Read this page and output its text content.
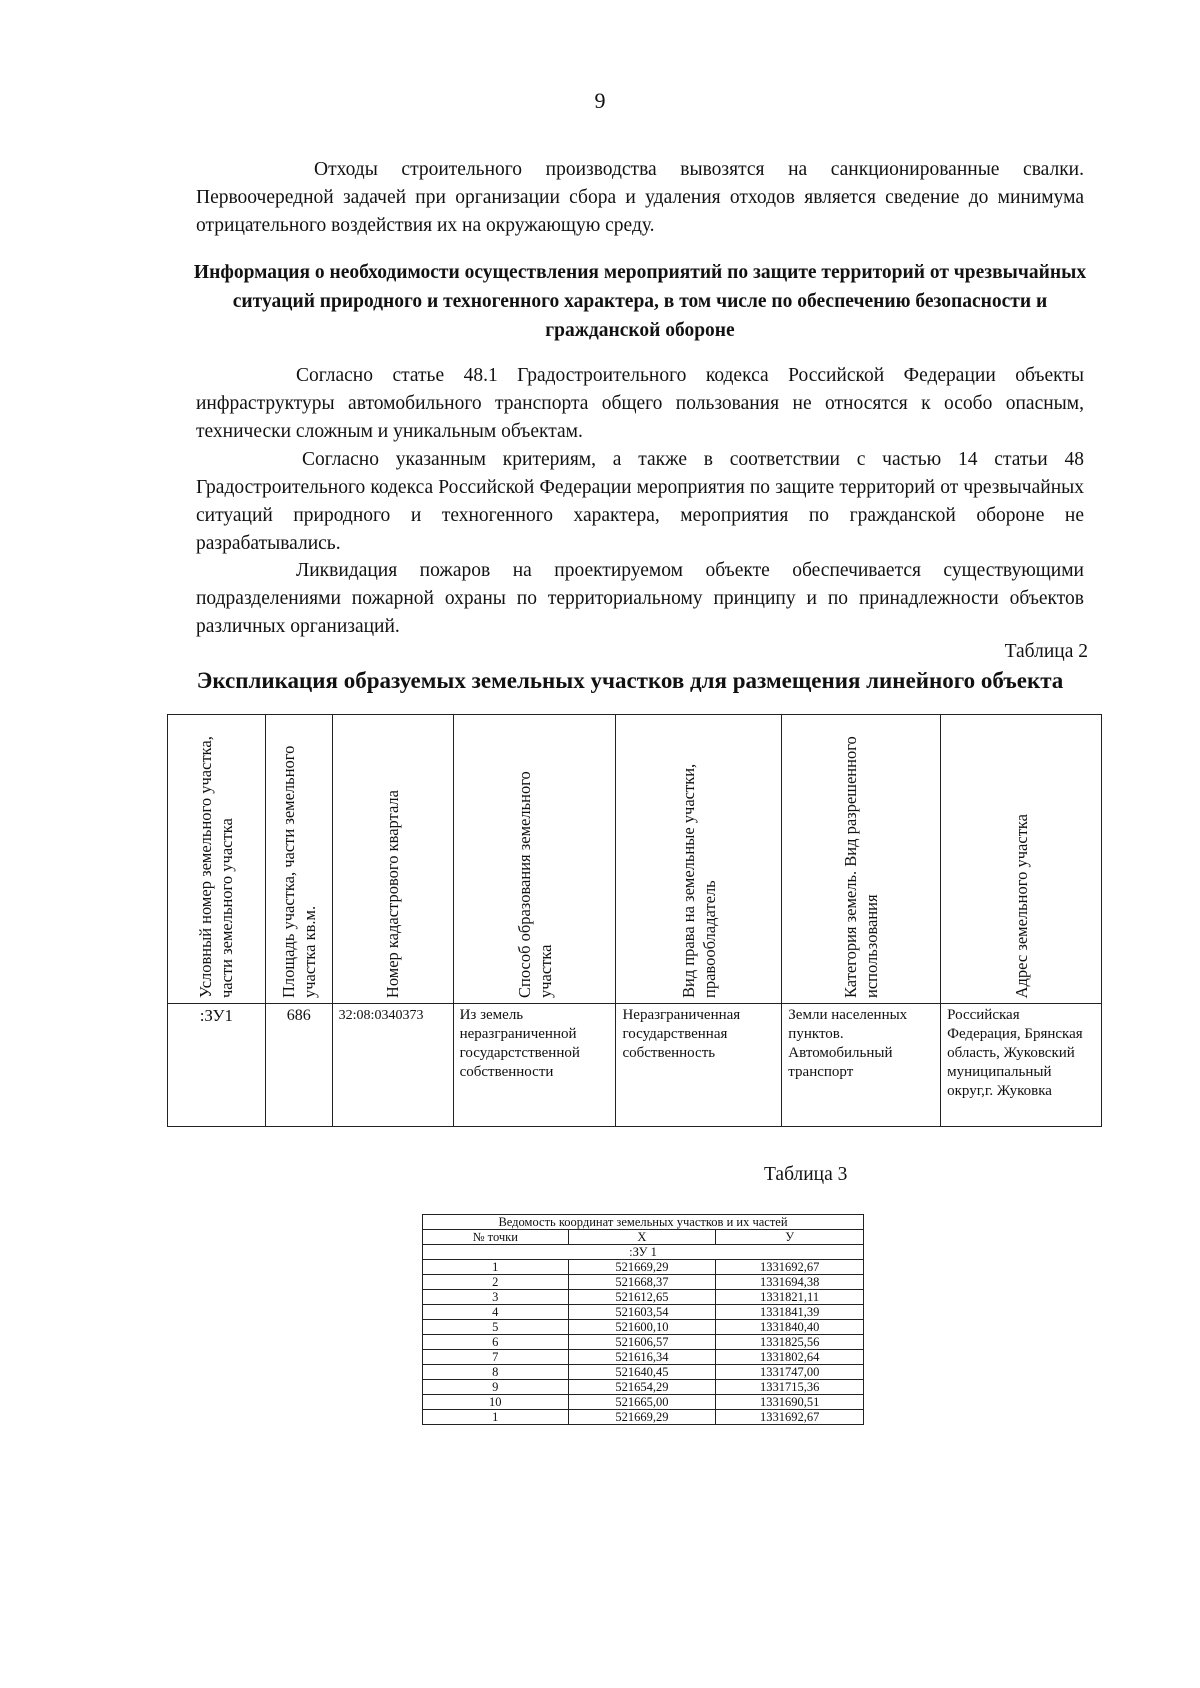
9

Отходы строительного производства вывозятся на санкционированные свалки. Первоочередной задачей при организации сбора и удаления отходов является сведение до минимума отрицательного воздействия их на окружающую среду.

Информация о необходимости осуществления мероприятий по защите территорий от чрезвычайных ситуаций природного и техногенного характера, в том числе по обеспечению безопасности и гражданской обороне

Согласно статье 48.1 Градостроительного кодекса Российской Федерации объекты инфраструктуры автомобильного транспорта общего пользования не относятся к особо опасным, технически сложным и уникальным объектам.

Согласно указанным критериям, а также в соответствии с частью 14 статьи 48 Градостроительного кодекса Российской Федерации мероприятия по защите территорий от чрезвычайных ситуаций природного и техногенного характера, мероприятия по гражданской обороне не разрабатывались.

Ликвидация пожаров на проектируемом объекте обеспечивается существующими подразделениями пожарной охраны по территориальному принципу и по принадлежности объектов различных организаций.

Таблица 2
Экспликация образуемых земельных участков для размещения линейного объекта
Условный номер земельного участка, части земельного участка	Площадь участка, части земельного участка кв.м.	Номер кадастрового квартала	Способ образования земельного участка	Вид права на земельные участки, правообладатель	Категория земель. Вид разрешенного использования	Адрес земельного участка
:ЗУ1	686	32:08:0340373	Из земель неразграниченной государстственной собственности	Неразграниченная государственная собственность	Земли населенных пунктов. Автомобильный транспорт	Российская Федерация, Брянская область, Жуковский муниципальный округ,г. Жуковка
Таблица 3
Ведомость координат земельных участков и их частей		
№ точки	X	У
:ЗУ 1		
1	521669,29	1331692,67
2	521668,37	1331694,38
3	521612,65	1331821,11
4	521603,54	1331841,39
5	521600,10	1331840,40
6	521606,57	1331825,56
7	521616,34	1331802,64
8	521640,45	1331747,00
9	521654,29	1331715,36
10	521665,00	1331690,51
1	521669,29	1331692,67
